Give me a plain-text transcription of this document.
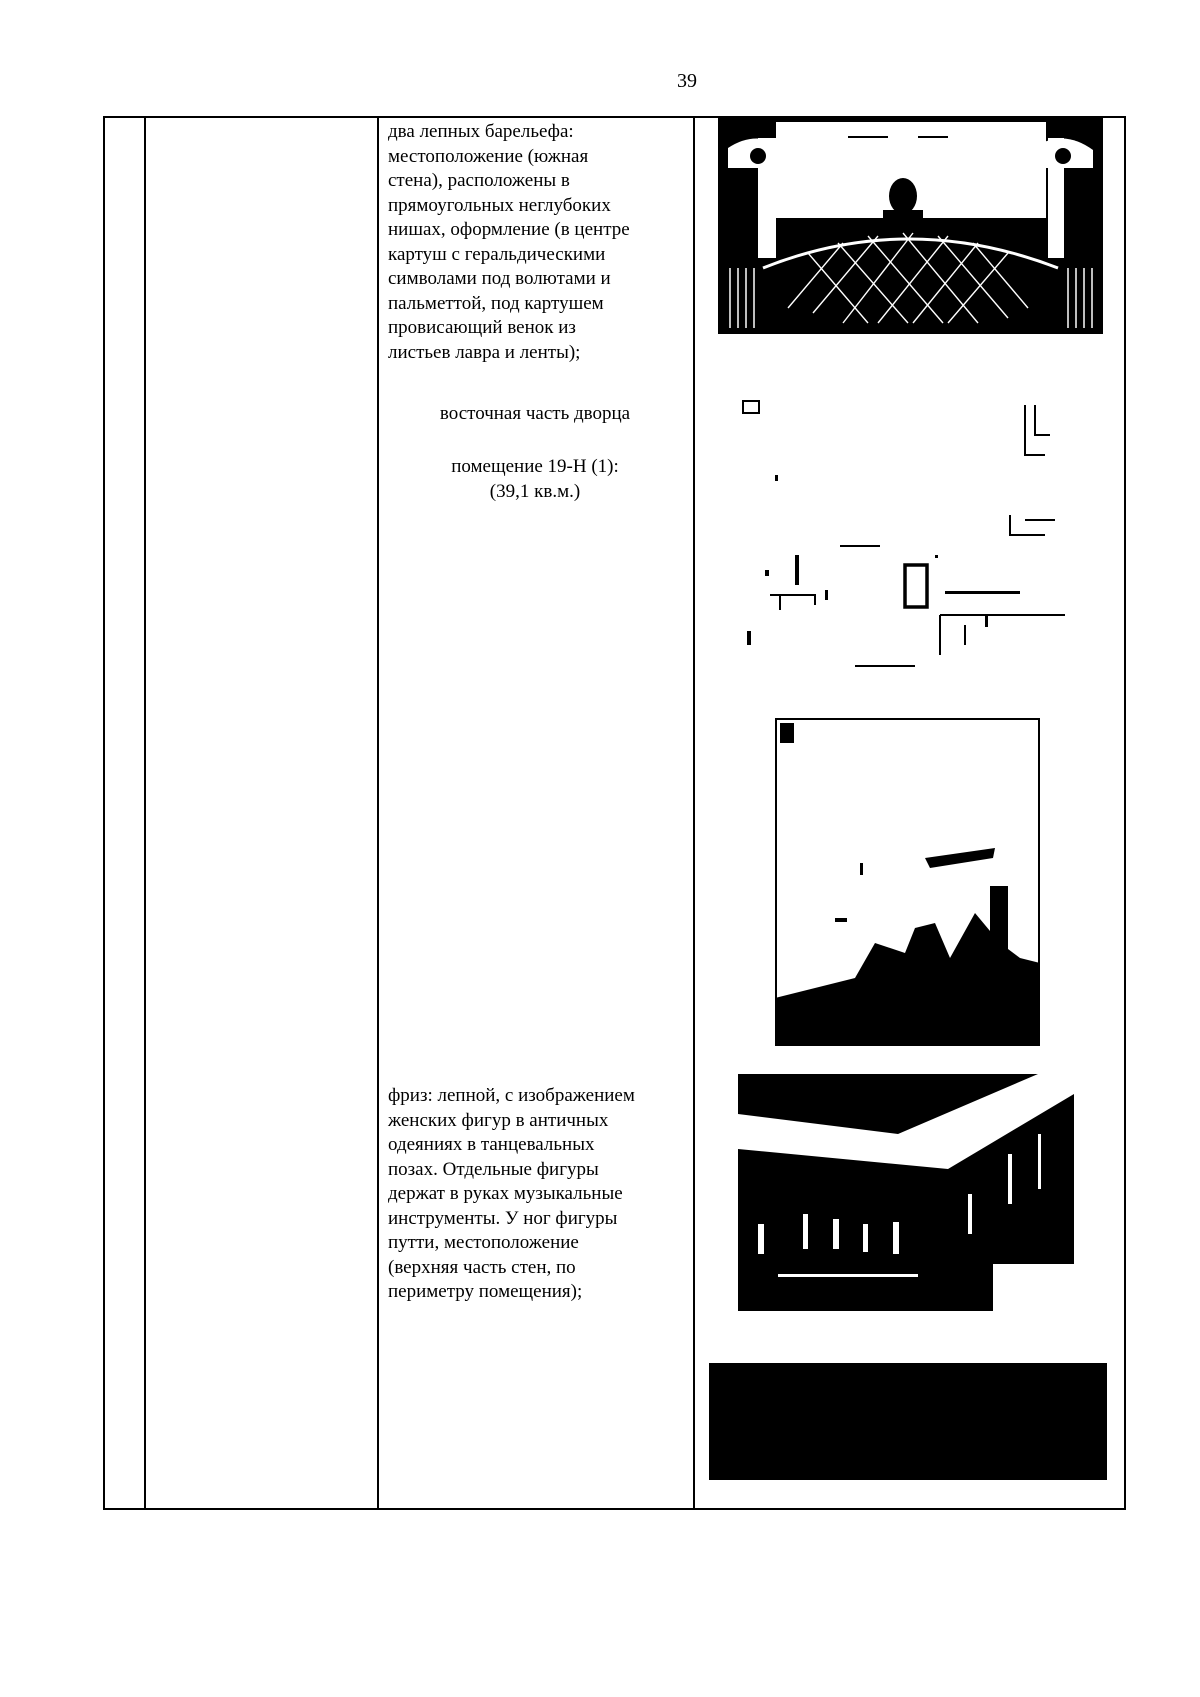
39
два лепных барельефа:
местоположение (южная
стена), расположены в
прямоугольных неглубоких
нишах, оформление (в центре
картуш с геральдическими
символами под волютами и
пальметтой, под картушем
провисающий венок из
листьев лавра и ленты);
восточная часть дворца
помещение 19-Н (1):
(39,1 кв.м.)
фриз: лепной, с изображением
женских фигур в античных
одеяниях в танцевальных
позах. Отдельные фигуры
держат в руках музыкальные
инструменты. У ног фигуры
путти, местоположение
(верхняя часть стен, по
периметру помещения);
